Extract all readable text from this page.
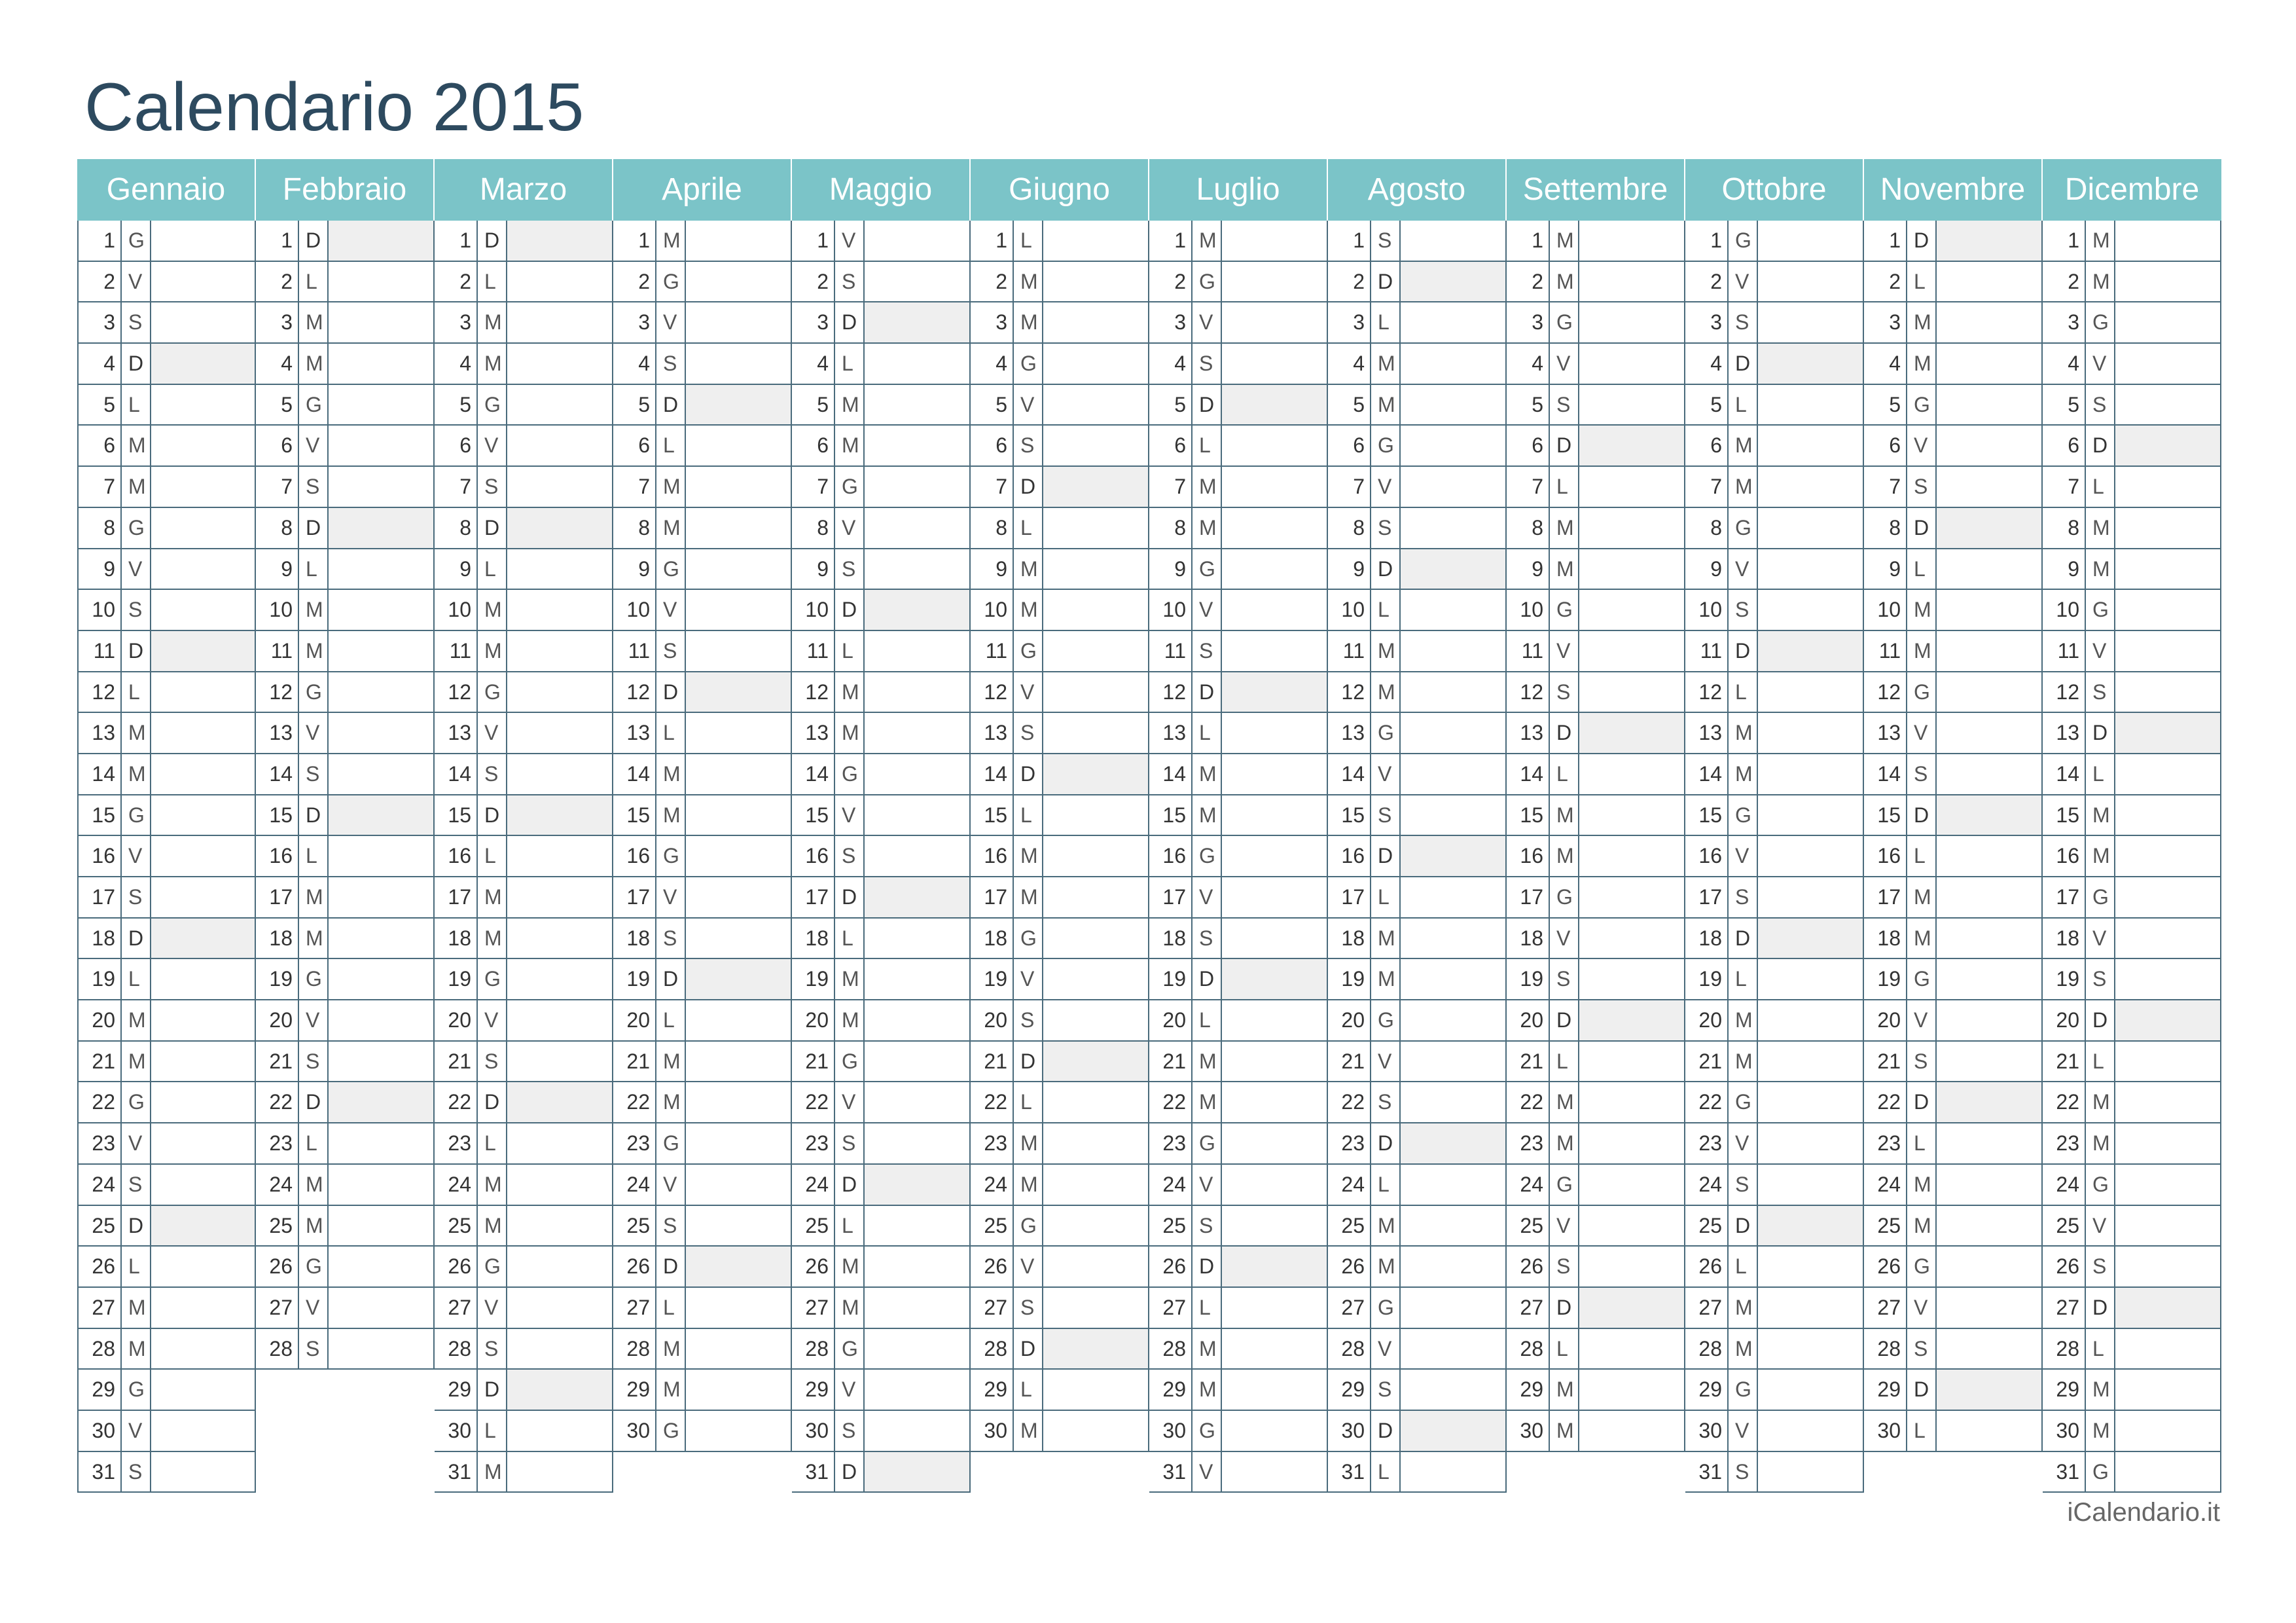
Calendario 2015
Gennaio
1 G
2 V
3 S
4 D
5 L
6 M
7 M
8 G
9 V
10 S
11 D
12 L
13 M
14 M
15 G
16 V
17 S
18 D
19 L
20 M
21 M
22 G
23 V
24 S
25 D
26 L
27 M
28 M
29 G
30 V
31 S
Febbraio
1 D
2 L
3 M
4 M
5 G
6 V
7 S
8 D
9 L
10 M
11 M
12 G
13 V
14 S
15 D
16 L
17 M
18 M
19 G
20 V
21 S
22 D
23 L
24 M
25 M
26 G
27 V
28 S
Marzo
1 D
2 L
3 M
4 M
5 G
6 V
7 S
8 D
9 L
10 M
11 M
12 G
13 V
14 S
15 D
16 L
17 M
18 M
19 G
20 V
21 S
22 D
23 L
24 M
25 M
26 G
27 V
28 S
29 D
30 L
31 M
Aprile
1 M
2 G
3 V
4 S
5 D
6 L
7 M
8 M
9 G
10 V
11 S
12 D
13 L
14 M
15 M
16 G
17 V
18 S
19 D
20 L
21 M
22 M
23 G
24 V
25 S
26 D
27 L
28 M
29 M
30 G
Maggio
1 V
2 S
3 D
4 L
5 M
6 M
7 G
8 V
9 S
10 D
11 L
12 M
13 M
14 G
15 V
16 S
17 D
18 L
19 M
20 M
21 G
22 V
23 S
24 D
25 L
26 M
27 M
28 G
29 V
30 S
31 D
Giugno
1 L
2 M
3 M
4 G
5 V
6 S
7 D
8 L
9 M
10 M
11 G
12 V
13 S
14 D
15 L
16 M
17 M
18 G
19 V
20 S
21 D
22 L
23 M
24 M
25 G
26 V
27 S
28 D
29 L
30 M
Luglio
1 M
2 G
3 V
4 S
5 D
6 L
7 M
8 M
9 G
10 V
11 S
12 D
13 L
14 M
15 M
16 G
17 V
18 S
19 D
20 L
21 M
22 M
23 G
24 V
25 S
26 D
27 L
28 M
29 M
30 G
31 V
Agosto
1 S
2 D
3 L
4 M
5 M
6 G
7 V
8 S
9 D
10 L
11 M
12 M
13 G
14 V
15 S
16 D
17 L
18 M
19 M
20 G
21 V
22 S
23 D
24 L
25 M
26 M
27 G
28 V
29 S
30 D
31 L
Settembre
1 M
2 M
3 G
4 V
5 S
6 D
7 L
8 M
9 M
10 G
11 V
12 S
13 D
14 L
15 M
16 M
17 G
18 V
19 S
20 D
21 L
22 M
23 M
24 G
25 V
26 S
27 D
28 L
29 M
30 M
Ottobre
1 G
2 V
3 S
4 D
5 L
6 M
7 M
8 G
9 V
10 S
11 D
12 L
13 M
14 M
15 G
16 V
17 S
18 D
19 L
20 M
21 M
22 G
23 V
24 S
25 D
26 L
27 M
28 M
29 G
30 V
31 S
Novembre
1 D
2 L
3 M
4 M
5 G
6 V
7 S
8 D
9 L
10 M
11 M
12 G
13 V
14 S
15 D
16 L
17 M
18 M
19 G
20 V
21 S
22 D
23 L
24 M
25 M
26 G
27 V
28 S
29 D
30 L
Dicembre
1 M
2 M
3 G
4 V
5 S
6 D
7 L
8 M
9 M
10 G
11 V
12 S
13 D
14 L
15 M
16 M
17 G
18 V
19 S
20 D
21 L
22 M
23 M
24 G
25 V
26 S
27 D
28 L
29 M
30 M
31 G
iCalendario.it
